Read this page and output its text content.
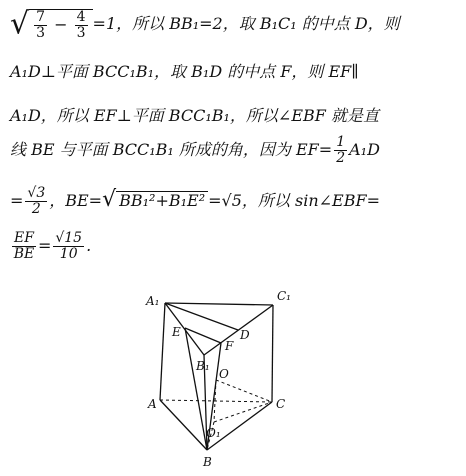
√ $\frac{7}{3} - \frac{4}{3} =1$，所以 BB₁=2，取 B₁C₁ 的中点 D，则
A₁D⊥平面 BCC₁B₁，取 B₁D 的中点 F，则 EF∥
A₁D，所以 EF⊥平面 BCC₁B₁，所以∠EBF 就是直
线 BE 与平面 BCC₁B₁ 所成的角，因为 $EF= \frac{1}{2} A_1D$
= $\frac{√3}{2}$ ，BE=√ BB₁²+B₁E² =√5，所以 sin∠EBF=
$\frac{EF}{BE} = \frac{√15}{10}$ .
A₁	C₁
E	D
F
B₁
O
A	C
O₁
B
